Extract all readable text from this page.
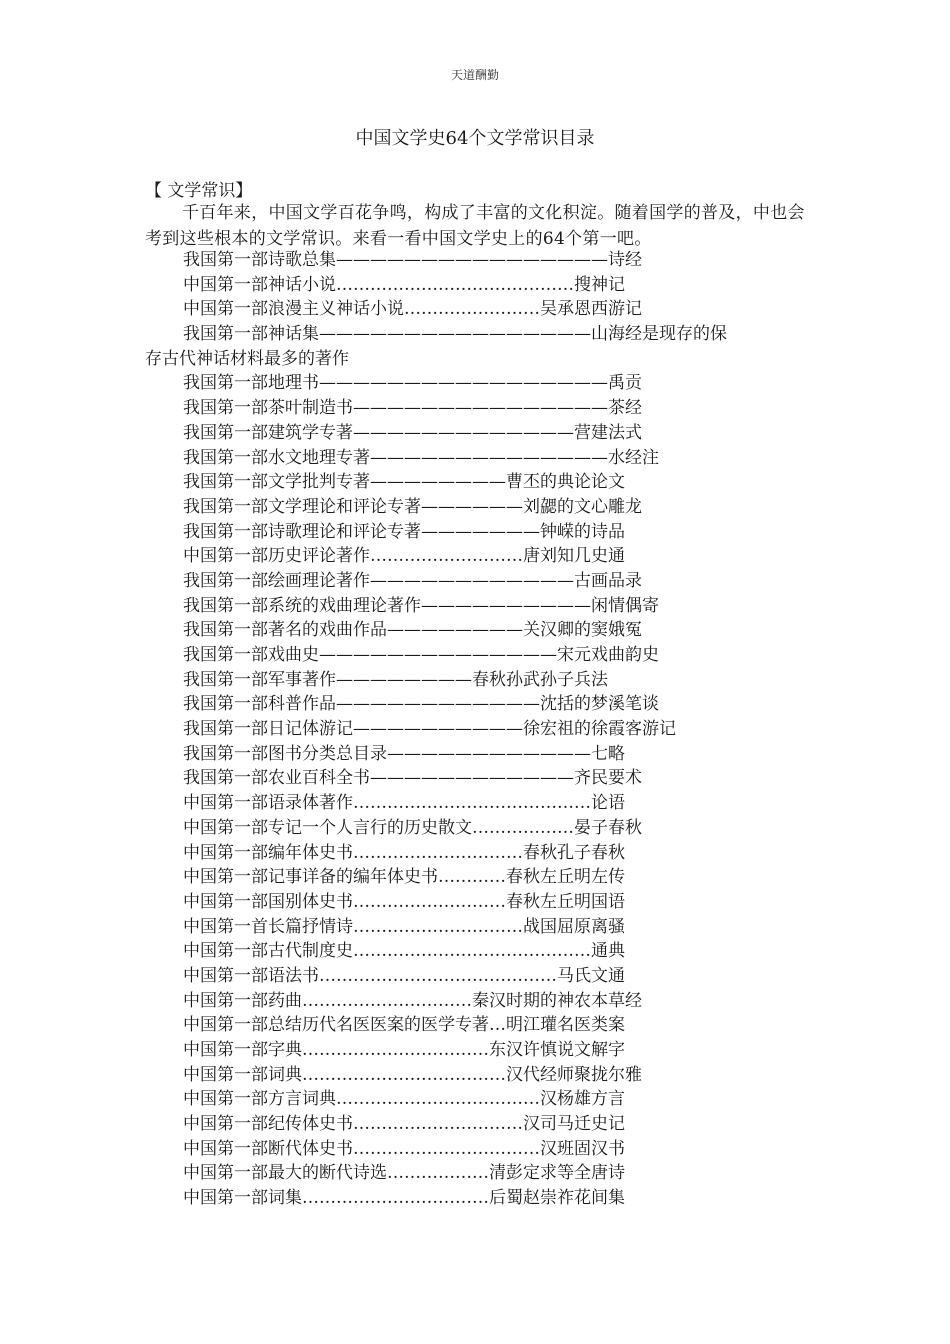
天道酬勤
中国文学史64个文学常识目录
【 文学常识】
千百年来，中国文学百花争鸣，构成了丰富的文化积淀。随着国学的普及，中也会考到这些根本的文学常识。来看一看中国文学史上的64个第一吧。
我国第一部诗歌总集————————————————诗经
中国第一部神话小说……………………………………搜神记
中国第一部浪漫主义神话小说……………………吴承恩西游记
我国第一部神话集————————————————山海经是现存的保
存古代神话材料最多的著作
我国第一部地理书—————————————————禹贡
我国第一部茶叶制造书———————————————茶经
我国第一部建筑学专著—————————————营建法式
我国第一部水文地理专著——————————————水经注
我国第一部文学批判专著————————曹丕的典论论文
我国第一部文学理论和评论专著——————刘勰的文心雕龙
我国第一部诗歌理论和评论专著———————钟嵘的诗品
中国第一部历史评论著作………………………唐刘知几史通
我国第一部绘画理论著作————————————古画品录
我国第一部系统的戏曲理论著作——————————闲情偶寄
我国第一部著名的戏曲作品————————关汉卿的窦娥冤
我国第一部戏曲史——————————————宋元戏曲韵史
我国第一部军事著作————————春秋孙武孙子兵法
我国第一部科普作品————————————沈括的梦溪笔谈
我国第一部日记体游记——————————徐宏祖的徐霞客游记
我国第一部图书分类总目录————————————七略
我国第一部农业百科全书————————————齐民要术
中国第一部语录体著作……………………………………论语
中国第一部专记一个人言行的历史散文………………晏子春秋
中国第一部编年体史书…………………………春秋孔子春秋
中国第一部记事详备的编年体史书…………春秋左丘明左传
中国第一部国别体史书………………………春秋左丘明国语
中国第一首长篇抒情诗…………………………战国屈原离骚
中国第一部古代制度史……………………………………通典
中国第一部语法书……………………………………马氏文通
中国第一部药曲…………………………秦汉时期的神农本草经
中国第一部总结历代名医医案的医学专著…明江瓘名医类案
中国第一部字典……………………………东汉许慎说文解字
中国第一部词典………………………………汉代经师聚拢尔雅
中国第一部方言词典………………………………汉杨雄方言
中国第一部纪传体史书…………………………汉司马迁史记
中国第一部断代体史书……………………………汉班固汉书
中国第一部最大的断代诗选………………清彭定求等全唐诗
中国第一部词集……………………………后蜀赵崇祚花间集
